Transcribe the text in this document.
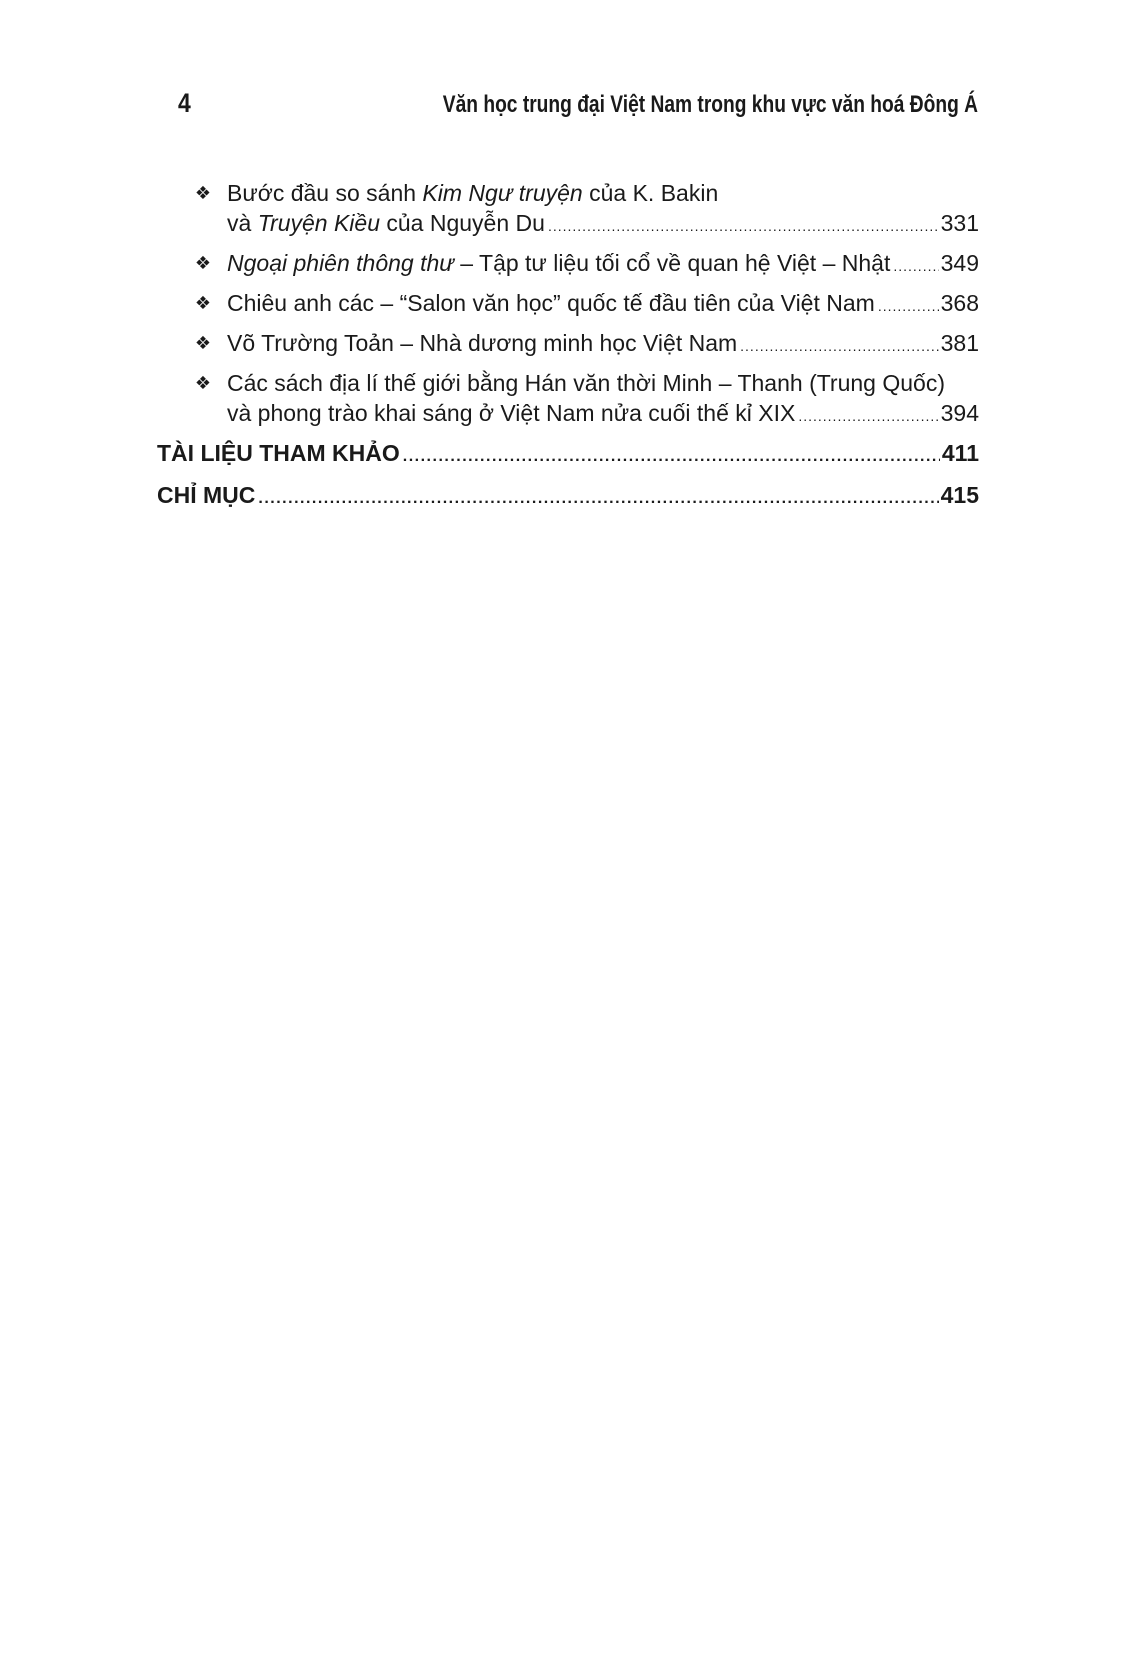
4	Văn học trung đại Việt Nam trong khu vực văn hoá Đông Á
❖ Bước đầu so sánh Kim Ngư truyện của K. Bakin
và Truyện Kiều của Nguyễn Du .....	331
❖ Ngoại phiên thông thư – Tập tư liệu tối cổ về quan hệ Việt – Nhật ..... 349
❖ Chiêu anh các – “Salon văn học” quốc tế đầu tiên của Việt Nam .....	368
❖ Võ Trường Toản – Nhà dương minh học Việt Nam .....	381
❖ Các sách địa lí thế giới bằng Hán văn thời Minh – Thanh (Trung Quốc)
và phong trào khai sáng ở Việt Nam nửa cuối thế kỉ XIX .....	394
TÀI LIỆU THAM KHẢO .....	411
CHỈ MỤC .....	415
